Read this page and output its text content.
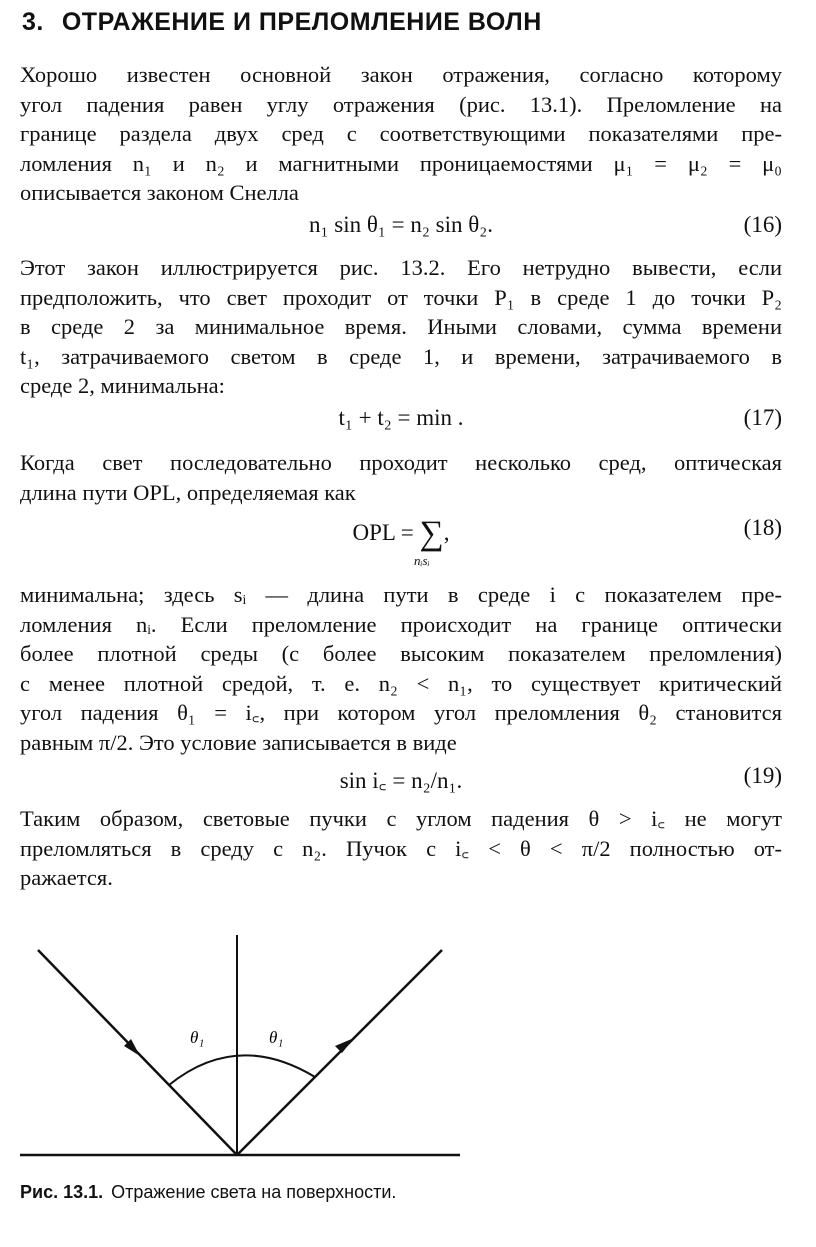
3. ОТРАЖЕНИЕ И ПРЕЛОМЛЕНИЕ ВОЛН
Хорошо известен основной закон отражения, согласно которому
угол падения равен углу отражения (рис. 13.1). Преломление на
границе раздела двух сред с соответствующими показателями пре-
ломления n₁ и n₂ и магнитными проницаемостями μ₁ = μ₂ = μ₀
описывается законом Снелла
n₁ sin θ₁ = n₂ sin θ₂.	(16)
Этот закон иллюстрируется рис. 13.2. Его нетрудно вывести, если
предположить, что свет проходит от точки P₁ в среде 1 до точки P₂
в среде 2 за минимальное время. Иными словами, сумма времени
t₁, затрачиваемого светом в среде 1, и времени, затрачиваемого в
среде 2, минимальна:
t₁ + t₂ = min .	(17)
Когда свет последовательно проходит несколько сред, оптическая
длина пути OPL, определяемая как
OPL = ∑,
nᵢsᵢ
(18)
минимальна; здесь sᵢ — длина пути в среде i с показателем пре-
ломления nᵢ. Если преломление происходит на границе оптически
более плотной среды (с более высоким показателем преломления)
с менее плотной средой, т. е. n₂ < n₁, то существует критический
угол падения θ₁ = i꜀, при котором угол преломления θ₂ становится
равным π/2. Это условие записывается в виде
sin i꜀ = n₂/n₁.	(19)
Таким образом, световые пучки с углом падения θ > i꜀ не могут
преломляться в среду с n₂. Пучок с i꜀ < θ < π/2 полностью от-
ражается.
θ₁	θ₁
Рис. 13.1. Отражение света на поверхности.
